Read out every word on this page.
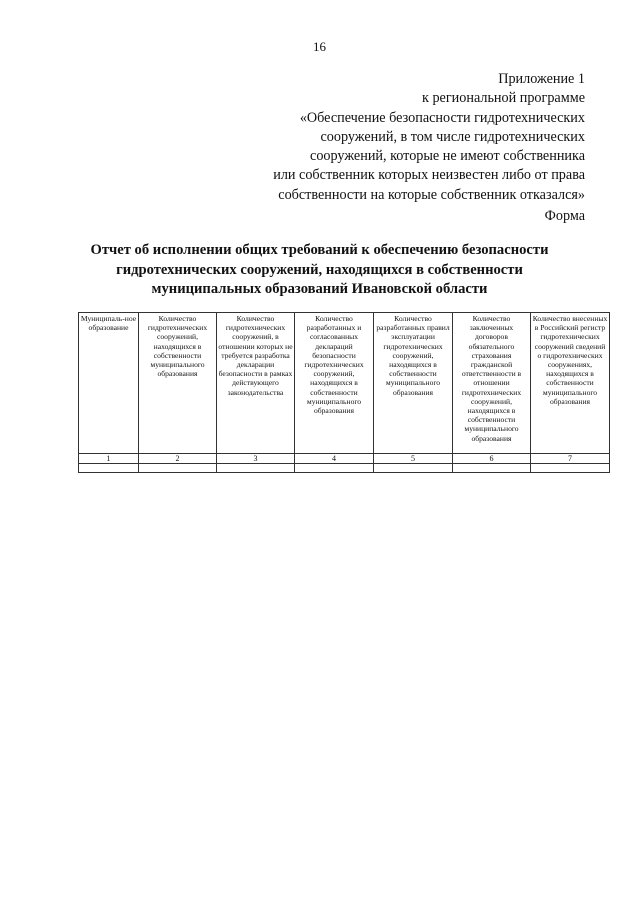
16
Приложение 1
к региональной программе
«Обеспечение безопасности гидротехнических
сооружений, в том числе гидротехнических
сооружений, которые не имеют собственника
или собственник которых неизвестен либо от права
собственности на которые собственник отказался»
Форма
Отчет об исполнении общих требований к обеспечению безопасности
гидротехнических сооружений, находящихся в собственности
муниципальных образований Ивановской области
Муниципаль-ное образование	Количество гидротехнических сооружений, находящихся в собственности муниципального образования	Количество гидротехнических сооружений, в отношении которых не требуется разработка декларации безопасности в рамках действующего законодательства	Количество разработанных и согласованных деклараций безопасности гидротехнических сооружений, находящихся в собственности муниципального образования	Количество разработанных правил эксплуатации гидротехнических сооружений, находящихся в собственности муниципального образования	Количество заключенных договоров обязательного страхования гражданской ответственности в отношении гидротехнических сооружений, находящихся в собственности муниципального образования	Количество внесенных в Российский регистр гидротехнических сооружений сведений о гидротехнических сооружениях, находящихся в собственности муниципального образования
1	2	3	4	5	6	7
